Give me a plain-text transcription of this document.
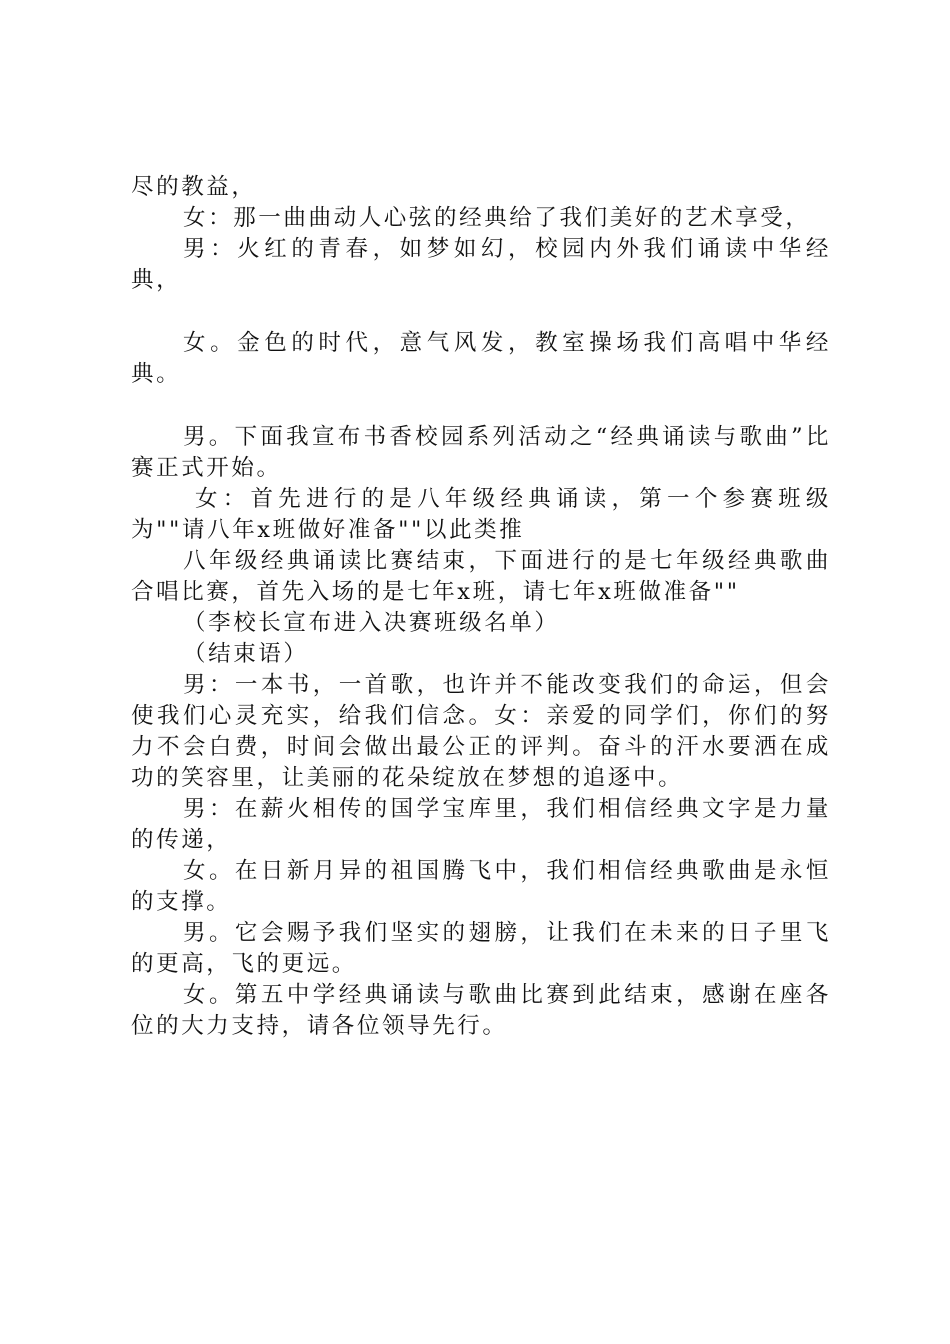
尽的教益，

女：那一曲曲动人心弦的经典给了我们美好的艺术享受，

男：火红的青春，如梦如幻，校园内外我们诵读中华经典，

女。金色的时代，意气风发，教室操场我们高唱中华经典。

男。下面我宣布书香校园系列活动之“经典诵读与歌曲”比赛正式开始。

女：首先进行的是八年级经典诵读，第一个参赛班级为""请八年x班做好准备""以此类推

八年级经典诵读比赛结束，下面进行的是七年级经典歌曲合唱比赛，首先入场的是七年x班，请七年x班做准备""

（李校长宣布进入决赛班级名单）

（结束语）

男：一本书，一首歌，也许并不能改变我们的命运，但会使我们心灵充实，给我们信念。女：亲爱的同学们，你们的努力不会白费，时间会做出最公正的评判。奋斗的汗水要洒在成功的笑容里，让美丽的花朵绽放在梦想的追逐中。

男：在薪火相传的国学宝库里，我们相信经典文字是力量的传递，

女。在日新月异的祖国腾飞中，我们相信经典歌曲是永恒的支撑。

男。它会赐予我们坚实的翅膀，让我们在未来的日子里飞的更高，飞的更远。

女。第五中学经典诵读与歌曲比赛到此结束，感谢在座各位的大力支持，请各位领导先行。
